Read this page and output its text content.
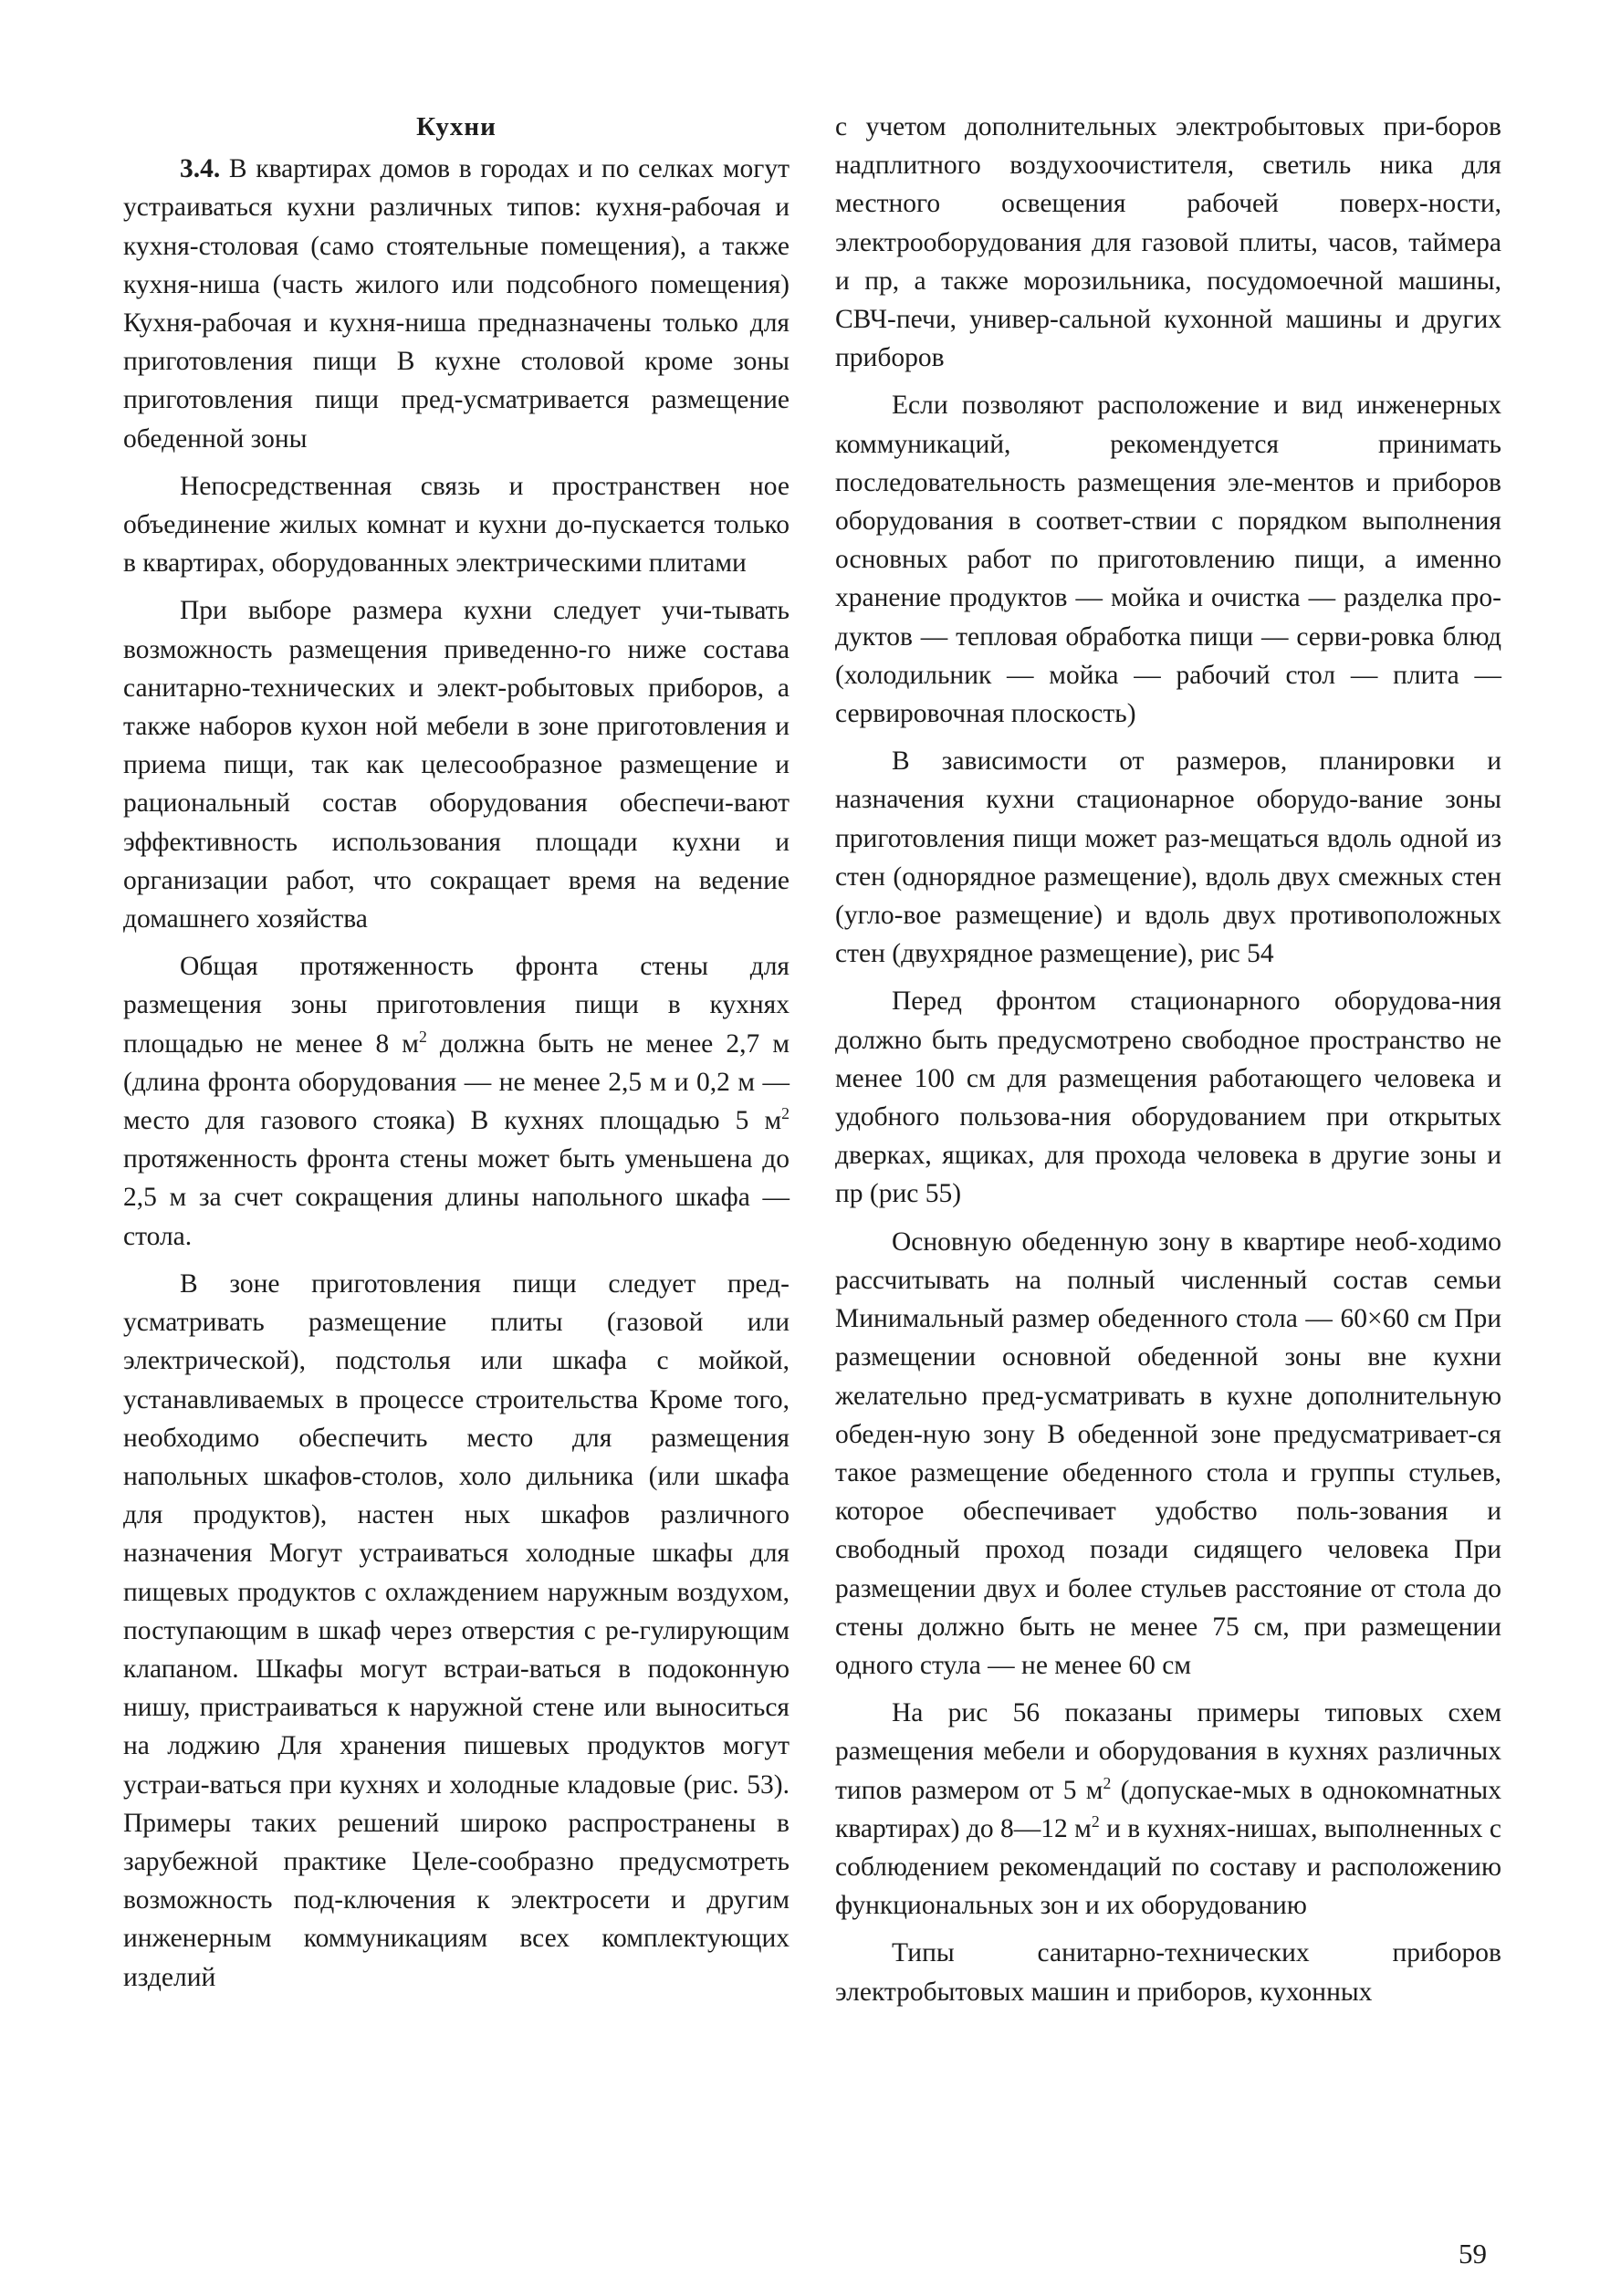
Кухни

3.4. В квартирах домов в городах и по селках могут устраиваться кухни различных типов: кухня-рабочая и кухня-столовая (само стоятельные помещения), а также кухня-ниша (часть жилого или подсобного помещения) Кухня-рабочая и кухня-ниша предназначены только для приготовления пищи В кухне столовой кроме зоны приготовления пищи пред-усматривается размещение обеденной зоны

Непосредственная связь и пространствен ное объединение жилых комнат и кухни до-пускается только в квартирах, оборудованных электрическими плитами

При выборе размера кухни следует учи-тывать возможность размещения приведенно-го ниже состава санитарно-технических и элект-робытовых приборов, а также наборов кухон ной мебели в зоне приготовления и приема пищи, так как целесообразное размещение и рациональный состав оборудования обеспечи-вают эффективность использования площади кухни и организации работ, что сокращает время на ведение домашнего хозяйства

Общая протяженность фронта стены для размещения зоны приготовления пищи в кухнях площадью не менее 8 $м^2$ должна быть не менее 2,7 м (длина фронта оборудования — не менее 2,5 м и 0,2 м — место для газового стояка) В кухнях площадью 5 $м^2$ протяженность фронта стены может быть уменьшена до 2,5 м за счет сокращения длины напольного шкафа — стола.

В зоне приготовления пищи следует пред-усматривать размещение плиты (газовой или электрической), подстолья или шкафа с мойкой, устанавливаемых в процессе строительства Кроме того, необходимо обеспечить место для размещения напольных шкафов-столов, холо дильника (или шкафа для продуктов), настен ных шкафов различного назначения Могут устраиваться холодные шкафы для пищевых продуктов с охлаждением наружным воздухом, поступающим в шкаф через отверстия с ре-гулирующим клапаном. Шкафы могут встраи-ваться в подоконную нишу, пристраиваться к наружной стене или выноситься на лоджию Для хранения пишевых продуктов могут устраи-ваться при кухнях и холодные кладовые (рис. 53). Примеры таких решений широко распространены в зарубежной практике Целе-сообразно предусмотреть возможность под-ключения к электросети и другим инженерным коммуникациям всех комплектующих изделий

с учетом дополнительных электробытовых при-боров надплитного воздухоочистителя, светиль ника для местного освещения рабочей поверх-ности, электрооборудования для газовой плиты, часов, таймера и пр, а также морозильника, посудомоечной машины, СВЧ-печи, универ-сальной кухонной машины и других приборов

Если позволяют расположение и вид инженерных коммуникаций, рекомендуется принимать последовательность размещения эле-ментов и приборов оборудования в соответ-ствии с порядком выполнения основных работ по приготовлению пищи, а именно хранение продуктов — мойка и очистка — разделка про-дуктов — тепловая обработка пищи — серви-ровка блюд (холодильник — мойка — рабочий стол — плита — сервировочная плоскость)

В зависимости от размеров, планировки и назначения кухни стационарное оборудо-вание зоны приготовления пищи может раз-мещаться вдоль одной из стен (однорядное размещение), вдоль двух смежных стен (угло-вое размещение) и вдоль двух противоположных стен (двухрядное размещение), рис 54

Перед фронтом стационарного оборудова-ния должно быть предусмотрено свободное пространство не менее 100 см для размещения работающего человека и удобного пользова-ния оборудованием при открытых дверках, ящиках, для прохода человека в другие зоны и пр (рис 55)

Основную обеденную зону в квартире необ-ходимо рассчитывать на полный численный состав семьи Минимальный размер обеденного стола — 60×60 см При размещении основной обеденной зоны вне кухни желательно пред-усматривать в кухне дополнительную обеден-ную зону В обеденной зоне предусматривает-ся такое размещение обеденного стола и группы стульев, которое обеспечивает удобство поль-зования и свободный проход позади сидящего человека При размещении двух и более стульев расстояние от стола до стены должно быть не менее 75 см, при размещении одного стула — не менее 60 см

На рис 56 показаны примеры типовых схем размещения мебели и оборудования в кухнях различных типов размером от 5 $м^2$ (допускае-мых в однокомнатных квартирах) до 8—12 $м^2$ и в кухнях-нишах, выполненных с соблюдением рекомендаций по составу и расположению функциональных зон и их оборудованию

Типы санитарно-технических приборов электробытовых машин и приборов, кухонных

59
